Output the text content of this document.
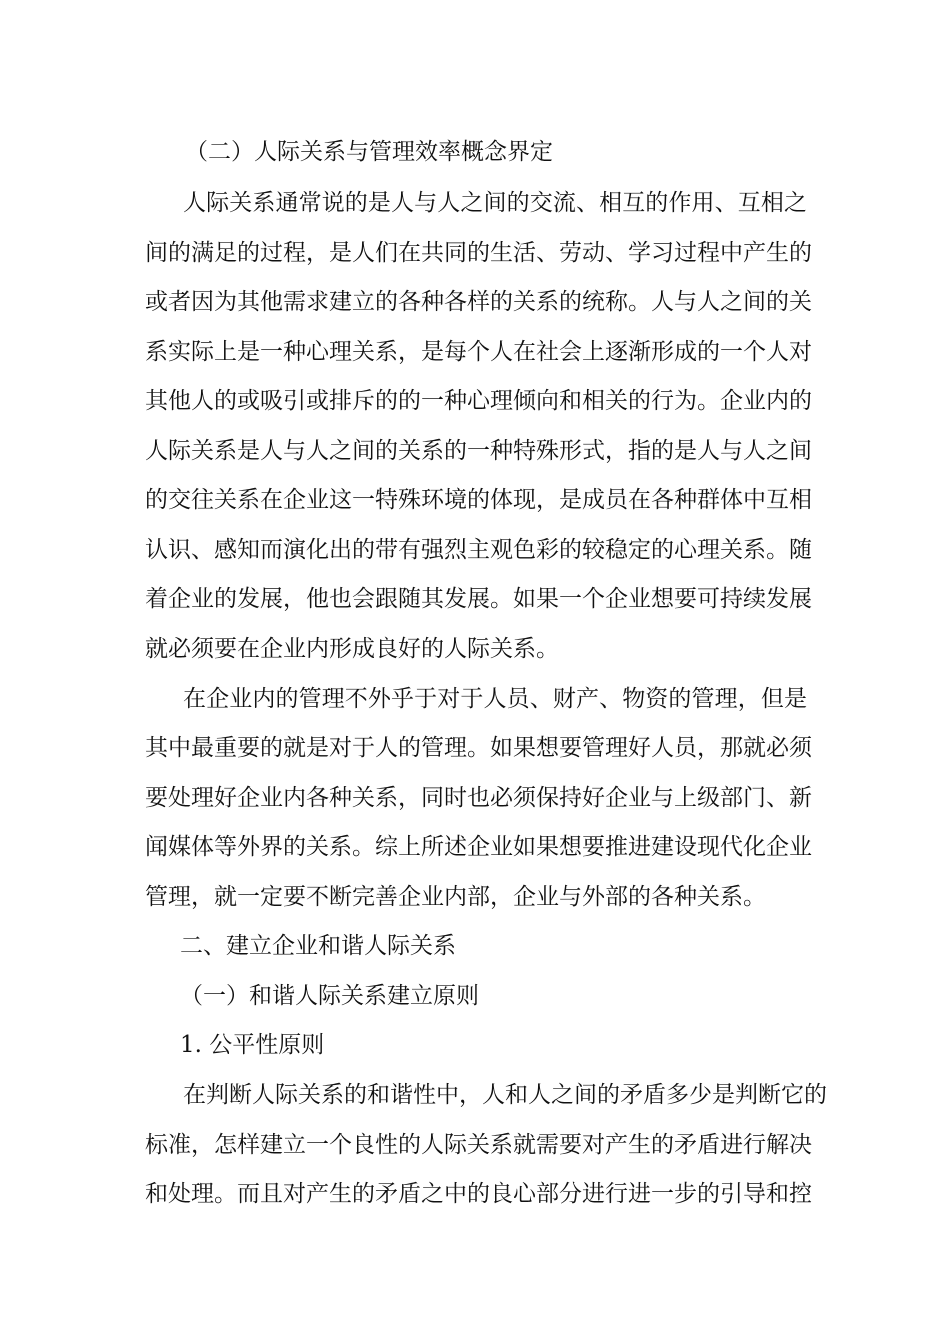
（二）人际关系与管理效率概念界定
人际关系通常说的是人与人之间的交流、相互的作用、互相之
间的满足的过程，是人们在共同的生活、劳动、学习过程中产生的
或者因为其他需求建立的各种各样的关系的统称。人与人之间的关
系实际上是一种心理关系，是每个人在社会上逐渐形成的一个人对
其他人的或吸引或排斥的的一种心理倾向和相关的行为。企业内的
人际关系是人与人之间的关系的一种特殊形式，指的是人与人之间
的交往关系在企业这一特殊环境的体现，是成员在各种群体中互相
认识、感知而演化出的带有强烈主观色彩的较稳定的心理关系。随
着企业的发展，他也会跟随其发展。如果一个企业想要可持续发展
就必须要在企业内形成良好的人际关系。
在企业内的管理不外乎于对于人员、财产、物资的管理，但是
其中最重要的就是对于人的管理。如果想要管理好人员，那就必须
要处理好企业内各种关系，同时也必须保持好企业与上级部门、新
闻媒体等外界的关系。综上所述企业如果想要推进建设现代化企业
管理，就一定要不断完善企业内部，企业与外部的各种关系。
二、建立企业和谐人际关系
（一）和谐人际关系建立原则
1. 公平性原则
在判断人际关系的和谐性中，人和人之间的矛盾多少是判断它的
标准，怎样建立一个良性的人际关系就需要对产生的矛盾进行解决
和处理。而且对产生的矛盾之中的良心部分进行进一步的引导和控
